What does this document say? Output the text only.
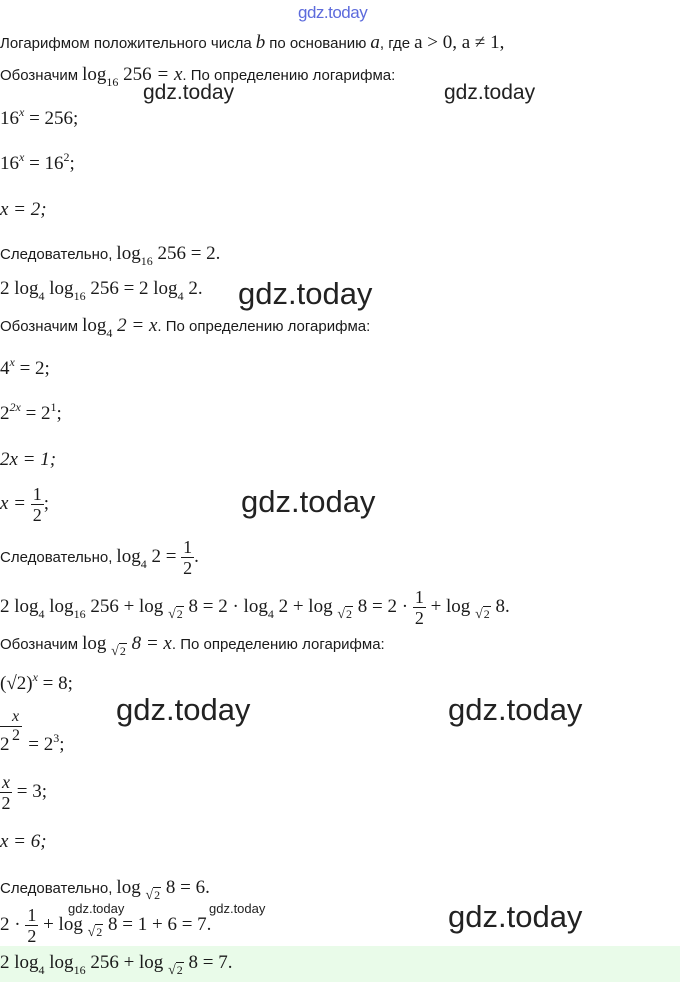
gdz.today
Логарифмом положительного числа b по основанию a, где a > 0, a ≠ 1,
Обозначим $\log_{16} 256 = x$. По определению логарифма:
gdz.today	gdz.today
$16^x = 256$;
$16^x = 16^2$;
x = 2;
Следовательно, $\log_{16} 256 = 2$.
2 $\log_4 \log_{16} 256 = 2$ $\log_4 2$. gdz.today
Обозначим $\log_4 2 = x$. По определению логарифма:
$4^x = 2$;
$2^{2x} = 2^1$;
2x = 1;
$x = \frac{1}{2}$ ;	gdz.today
Следовательно, $\log_4 2 = \frac{1}{2}$ .
2 $\log_4 \log_{16} 256 + \log √2$ $8 = 2 \cdot \log_4 2 + \log √2$ $8 = 2 \cdot \frac{1}{2} + \log √2$ 8.
Обозначим log √2 8 = x. По определению логарифма:
$(√2)^x = 8$;
gdz.today	gdz.today
$\frac{x}{2}$
$2 = 2^3$;
$\frac{x}{2} = 3$;
x = 6;
Следовательно, log √2 8 = 6.
gdz.today	gdz.today
$2 \cdot \frac{1}{2} + \log √2$ 8 = 1 + 6 = 7.	gdz.today
2 $\log_4 \log_{16} 256 + \log √2$ 8 = 7.
